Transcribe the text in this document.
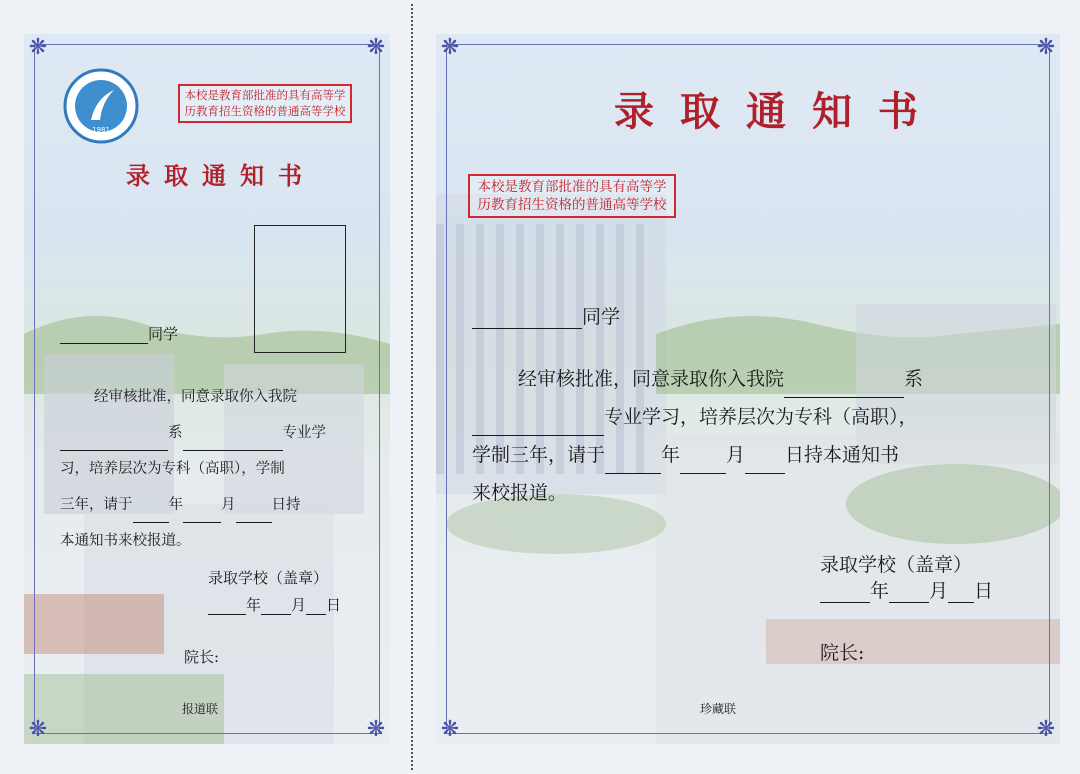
❋	❋
❋	❋
1981
本校是教育部批准的具有高等学
历教育招生资格的普通高等学校
录取通知书
同学
经审核批准，同意录取你入我院
系	专业学
习，培养层次为专科（高职），学制
三年，请于 年	月 日持
本通知书来校报道。
录取学校（盖章）
年 月 日
院长:
报道联
❋	❋
❋	❋
录取通知书
本校是教育部批准的具有高等学
历教育招生资格的普通高等学校
同学
经审核批准，同意录取你入我院	系
专业学习，培养层次为专科（高职），
学制三年，请于	年 月 日持本通知书
来校报道。
录取学校（盖章）
年 月 日
院长:
珍藏联
